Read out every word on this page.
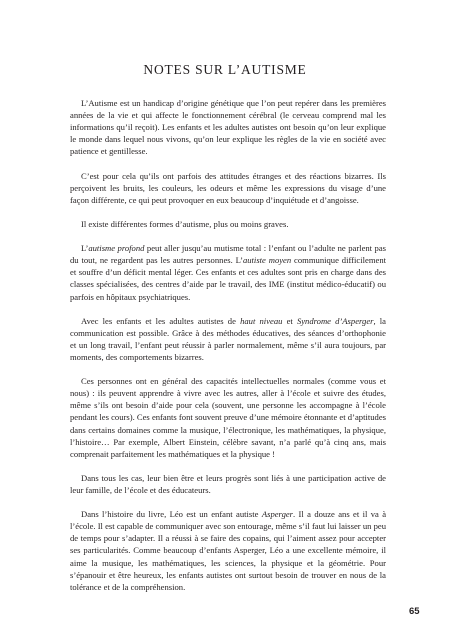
NOTES SUR L’AUTISME

L’Autisme est un handicap d’origine génétique que l’on peut repérer dans les premières années de la vie et qui affecte le fonctionnement cérébral (le cerveau comprend mal les informations qu’il reçoit). Les enfants et les adultes autistes ont besoin qu’on leur explique le monde dans lequel nous vivons, qu’on leur explique les règles de la vie en société avec patience et gentillesse.

C’est pour cela qu’ils ont parfois des attitudes étranges et des réactions bizarres. Ils perçoivent les bruits, les couleurs, les odeurs et même les expressions du visage d’une façon différente, ce qui peut provoquer en eux beaucoup d’inquiétude et d’angoisse.

Il existe différentes formes d’autisme, plus ou moins graves.

L’autisme profond peut aller jusqu’au mutisme total : l’enfant ou l’adulte ne parlent pas du tout, ne regardent pas les autres personnes. L’autiste moyen communique difficilement et souffre d’un déficit mental léger. Ces enfants et ces adultes sont pris en charge dans des classes spécialisées, des centres d’aide par le travail, des IME (institut médico-éducatif) ou parfois en hôpitaux psychiatriques.

Avec les enfants et les adultes autistes de haut niveau et Syndrome d’Asperger, la communication est possible. Grâce à des méthodes éducatives, des séances d’orthophonie et un long travail, l’enfant peut réussir à parler normalement, même s’il aura toujours, par moments, des comportements bizarres.

Ces personnes ont en général des capacités intellectuelles normales (comme vous et nous) : ils peuvent apprendre à vivre avec les autres, aller à l’école et suivre des études, même s’ils ont besoin d’aide pour cela (souvent, une personne les accompagne à l’école pendant les cours). Ces enfants font souvent preuve d’une mémoire étonnante et d’aptitudes dans certains domaines comme la musique, l’électronique, les mathématiques, la physique, l’histoire… Par exemple, Albert Einstein, célèbre savant, n’a parlé qu’à cinq ans, mais comprenait parfaitement les mathématiques et la physique !

Dans tous les cas, leur bien être et leurs progrès sont liés à une participation active de leur famille, de l’école et des éducateurs.

Dans l’histoire du livre, Léo est un enfant autiste Asperger. Il a douze ans et il va à l’école. Il est capable de communiquer avec son entourage, même s’il faut lui laisser un peu de temps pour s’adapter. Il a réussi à se faire des copains, qui l’aiment assez pour accepter ses particularités. Comme beaucoup d’enfants Asperger, Léo a une excellente mémoire, il aime la musique, les mathématiques, les sciences, la physique et la géométrie. Pour s’épanouir et être heureux, les enfants autistes ont surtout besoin de trouver en nous de la tolérance et de la compréhension.

65
